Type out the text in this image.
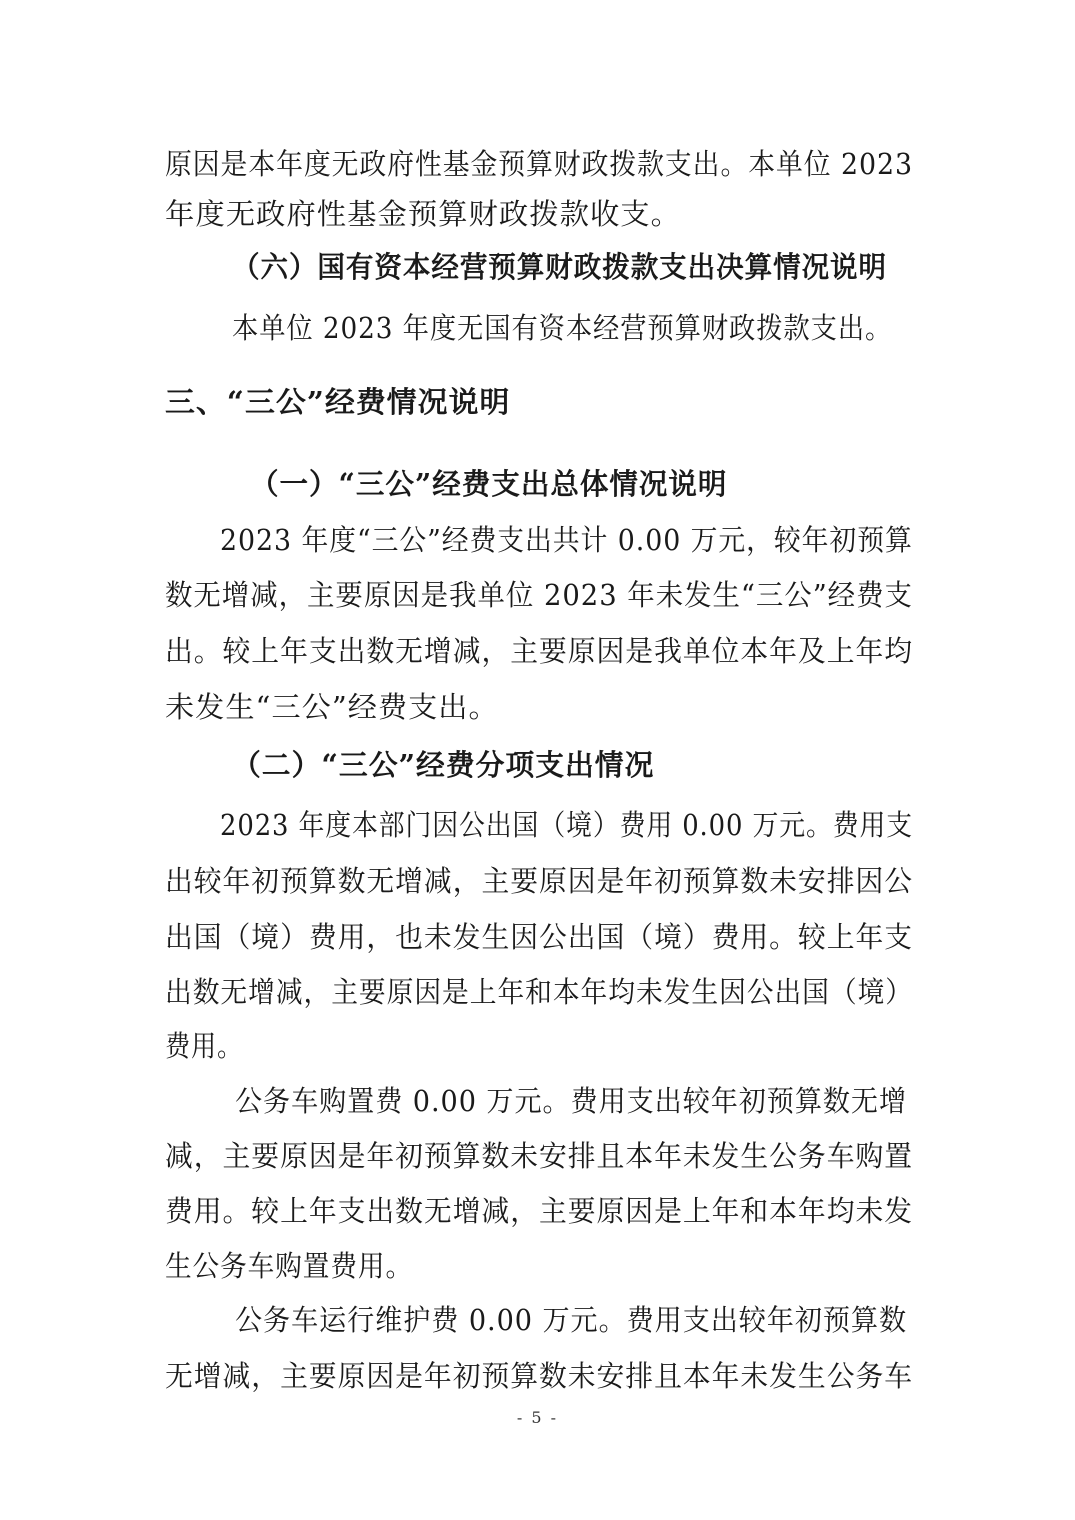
原因是本年度无政府性基金预算财政拨款支出。本单位 2023
年度无政府性基金预算财政拨款收支。
（六）国有资本经营预算财政拨款支出决算情况说明
本单位 2023 年度无国有资本经营预算财政拨款支出。
三、“三公”经费情况说明
（一）“三公”经费支出总体情况说明
2023 年度“三公”经费支出共计 0.00 万元，较年初预算
数无增减，主要原因是我单位 2023 年未发生“三公”经费支
出。较上年支出数无增减，主要原因是我单位本年及上年均
未发生“三公”经费支出。
（二）“三公”经费分项支出情况
2023 年度本部门因公出国（境）费用 0.00 万元。费用支
出较年初预算数无增减，主要原因是年初预算数未安排因公
出国（境）费用，也未发生因公出国（境）费用。较上年支
出数无增减，主要原因是上年和本年均未发生因公出国（境）
费用。
公务车购置费 0.00 万元。费用支出较年初预算数无增
减，主要原因是年初预算数未安排且本年未发生公务车购置
费用。较上年支出数无增减，主要原因是上年和本年均未发
生公务车购置费用。
公务车运行维护费 0.00 万元。费用支出较年初预算数
无增减，主要原因是年初预算数未安排且本年未发生公务车
- 5 -
